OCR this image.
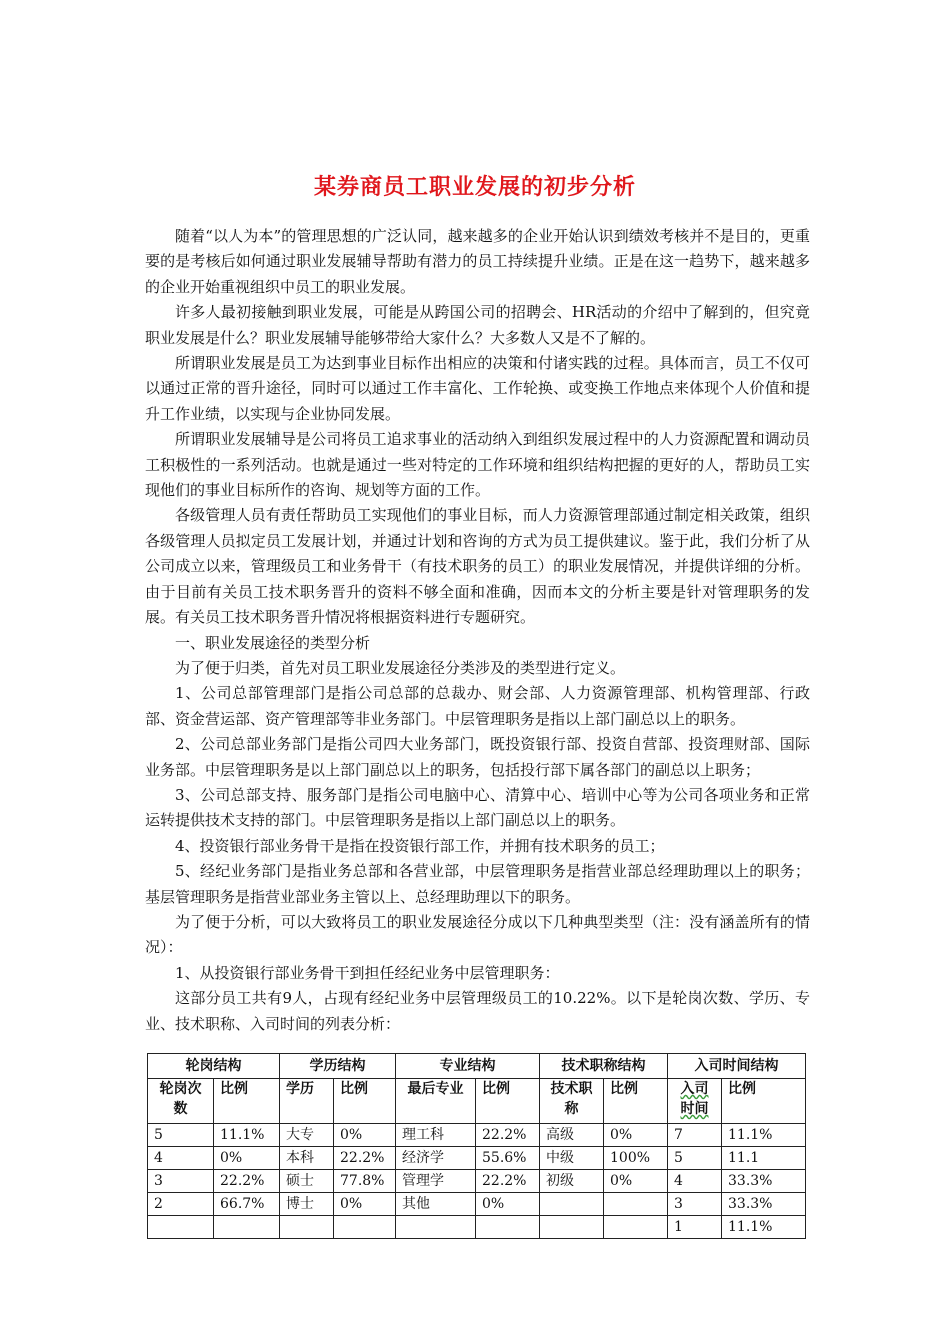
某券商员工职业发展的初步分析

随着“以人为本”的管理思想的广泛认同，越来越多的企业开始认识到绩效考核并不是目的，更重要的是考核后如何通过职业发展辅导帮助有潜力的员工持续提升业绩。正是在这一趋势下，越来越多的企业开始重视组织中员工的职业发展。

许多人最初接触到职业发展，可能是从跨国公司的招聘会、HR活动的介绍中了解到的，但究竟职业发展是什么？职业发展辅导能够带给大家什么？大多数人又是不了解的。

所谓职业发展是员工为达到事业目标作出相应的决策和付诸实践的过程。具体而言，员工不仅可以通过正常的晋升途径，同时可以通过工作丰富化、工作轮换、或变换工作地点来体现个人价值和提升工作业绩，以实现与企业协同发展。

所谓职业发展辅导是公司将员工追求事业的活动纳入到组织发展过程中的人力资源配置和调动员工积极性的一系列活动。也就是通过一些对特定的工作环境和组织结构把握的更好的人，帮助员工实现他们的事业目标所作的咨询、规划等方面的工作。

各级管理人员有责任帮助员工实现他们的事业目标，而人力资源管理部通过制定相关政策，组织各级管理人员拟定员工发展计划，并通过计划和咨询的方式为员工提供建议。鉴于此，我们分析了从公司成立以来，管理级员工和业务骨干（有技术职务的员工）的职业发展情况，并提供详细的分析。由于目前有关员工技术职务晋升的资料不够全面和准确，因而本文的分析主要是针对管理职务的发展。有关员工技术职务晋升情况将根据资料进行专题研究。

一、职业发展途径的类型分析

为了便于归类，首先对员工职业发展途径分类涉及的类型进行定义。

1、公司总部管理部门是指公司总部的总裁办、财会部、人力资源管理部、机构管理部、行政部、资金营运部、资产管理部等非业务部门。中层管理职务是指以上部门副总以上的职务。

2、公司总部业务部门是指公司四大业务部门，既投资银行部、投资自营部、投资理财部、国际业务部。中层管理职务是以上部门副总以上的职务，包括投行部下属各部门的副总以上职务；

3、公司总部支持、服务部门是指公司电脑中心、清算中心、培训中心等为公司各项业务和正常运转提供技术支持的部门。中层管理职务是指以上部门副总以上的职务。

4、投资银行部业务骨干是指在投资银行部工作，并拥有技术职务的员工；

5、经纪业务部门是指业务总部和各营业部，中层管理职务是指营业部总经理助理以上的职务；基层管理职务是指营业部业务主管以上、总经理助理以下的职务。

为了便于分析，可以大致将员工的职业发展途径分成以下几种典型类型（注：没有涵盖所有的情况）：

1、从投资银行部业务骨干到担任经纪业务中层管理职务：

这部分员工共有9人，占现有经纪业务中层管理级员工的10.22%。以下是轮岗次数、学历、专业、技术职称、入司时间的列表分析：

轮岗结构		学历结构		专业结构		技术职称结构		入司时间结构	
轮岗次数	比例	学历	比例	最后专业	比例	技术职称	比例	入司时间	比例
5	11.1%	大专	0%	理工科	22.2%	高级	0%	7	11.1%
4	0%	本科	22.2%	经济学	55.6%	中级	100%	5	11.1
3	22.2%	硕士	77.8%	管理学	22.2%	初级	0%	4	33.3%
2	66.7%	博士	0%	其他	0%			3	33.3%
								1	11.1%
